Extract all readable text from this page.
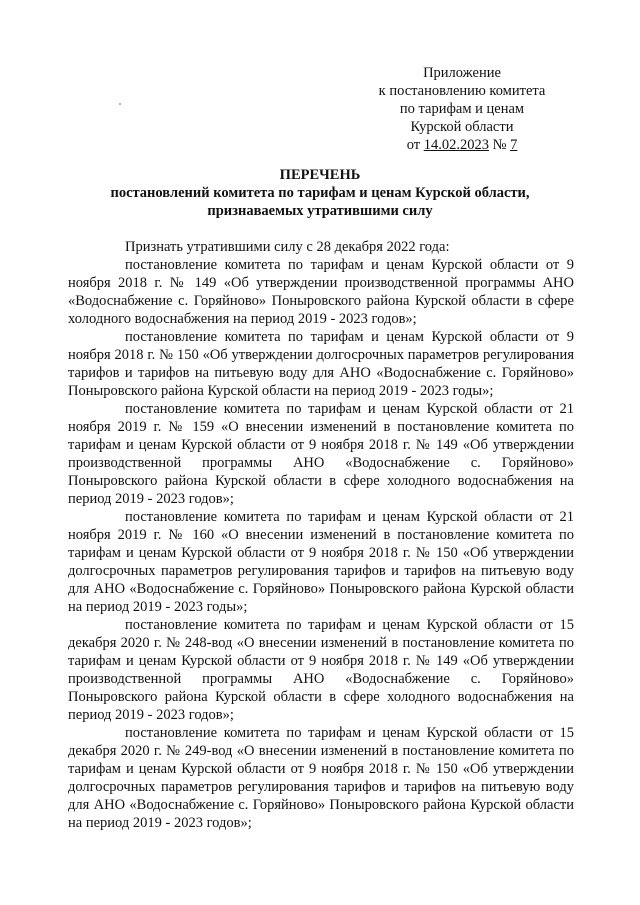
Приложение
к постановлению комитета
по тарифам и ценам
Курской области
от 14.02.2023 № 7
ПЕРЕЧЕНЬ
постановлений комитета по тарифам и ценам Курской области,
признаваемых утратившими силу

Признать утратившими силу с 28 декабря 2022 года:

постановление комитета по тарифам и ценам Курской области от 9 ноября 2018 г. № 149 «Об утверждении производственной программы АНО «Водоснабжение с. Горяйново» Поныровского района Курской области в сфере холодного водоснабжения на период 2019 - 2023 годов»;

постановление комитета по тарифам и ценам Курской области от 9 ноября 2018 г. № 150 «Об утверждении долгосрочных параметров регулирования тарифов и тарифов на питьевую воду для АНО «Водоснабжение с. Горяйново» Поныровского района Курской области на период 2019 - 2023 годы»;

постановление комитета по тарифам и ценам Курской области от 21 ноября 2019 г. № 159 «О внесении изменений в постановление комитета по тарифам и ценам Курской области от 9 ноября 2018 г. № 149 «Об утверждении производственной программы АНО «Водоснабжение с. Горяйново» Поныровского района Курской области в сфере холодного водоснабжения на период 2019 - 2023 годов»;

постановление комитета по тарифам и ценам Курской области от 21 ноября 2019 г. № 160 «О внесении изменений в постановление комитета по тарифам и ценам Курской области от 9 ноября 2018 г. № 150 «Об утверждении долгосрочных параметров регулирования тарифов и тарифов на питьевую воду для АНО «Водоснабжение с. Горяйново» Поныровского района Курской области на период 2019 - 2023 годы»;

постановление комитета по тарифам и ценам Курской области от 15 декабря 2020 г. № 248-вод «О внесении изменений в постановление комитета по тарифам и ценам Курской области от 9 ноября 2018 г. № 149 «Об утверждении производственной программы АНО «Водоснабжение с. Горяйново» Поныровского района Курской области в сфере холодного водоснабжения на период 2019 - 2023 годов»;

постановление комитета по тарифам и ценам Курской области от 15 декабря 2020 г. № 249-вод «О внесении изменений в постановление комитета по тарифам и ценам Курской области от 9 ноября 2018 г. № 150 «Об утверждении долгосрочных параметров регулирования тарифов и тарифов на питьевую воду для АНО «Водоснабжение с. Горяйново» Поныровского района Курской области на период 2019 - 2023 годов»;
